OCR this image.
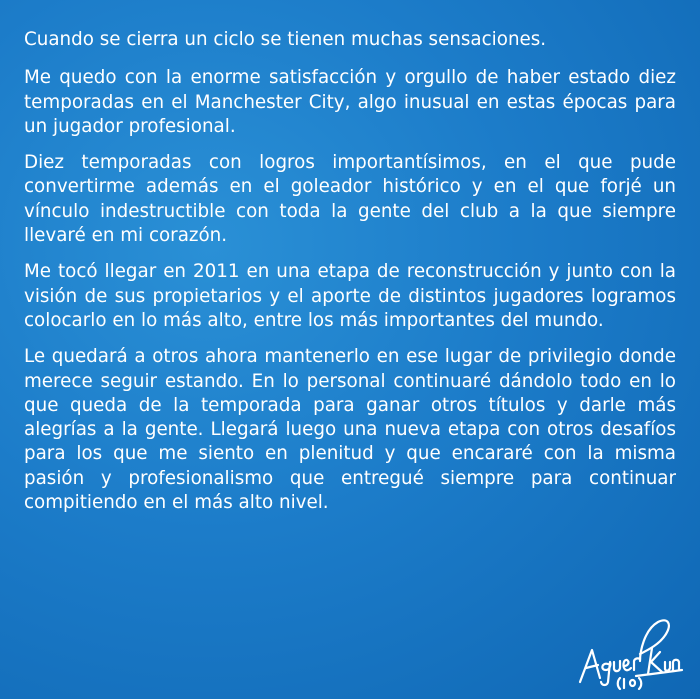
Cuando se cierra un ciclo se tienen muchas sensaciones.

Me quedo con la enorme satisfacción y orgullo de haber estado diez temporadas en el Manchester City, algo inusual en estas épocas para un jugador profesional.

Diez temporadas con logros importantísimos, en el que pude convertirme además en el goleador histórico y en el que forjé un vínculo indestructible con toda la gente del club a la que siempre llevaré en mi corazón.

Me tocó llegar en 2011 en una etapa de reconstrucción y junto con la visión de sus propietarios y el aporte de distintos jugadores logramos colocarlo en lo más alto, entre los más importantes del mundo.

Le quedará a otros ahora mantenerlo en ese lugar de privilegio donde merece seguir estando. En lo personal continuaré dándolo todo en lo que queda de la temporada para ganar otros títulos y darle más alegrías a la gente. Llegará luego una nueva etapa con otros desafíos para los que me siento en plenitud y que encararé con la misma pasión y profesionalismo que entregué siempre para continuar compitiendo en el más alto nivel.
